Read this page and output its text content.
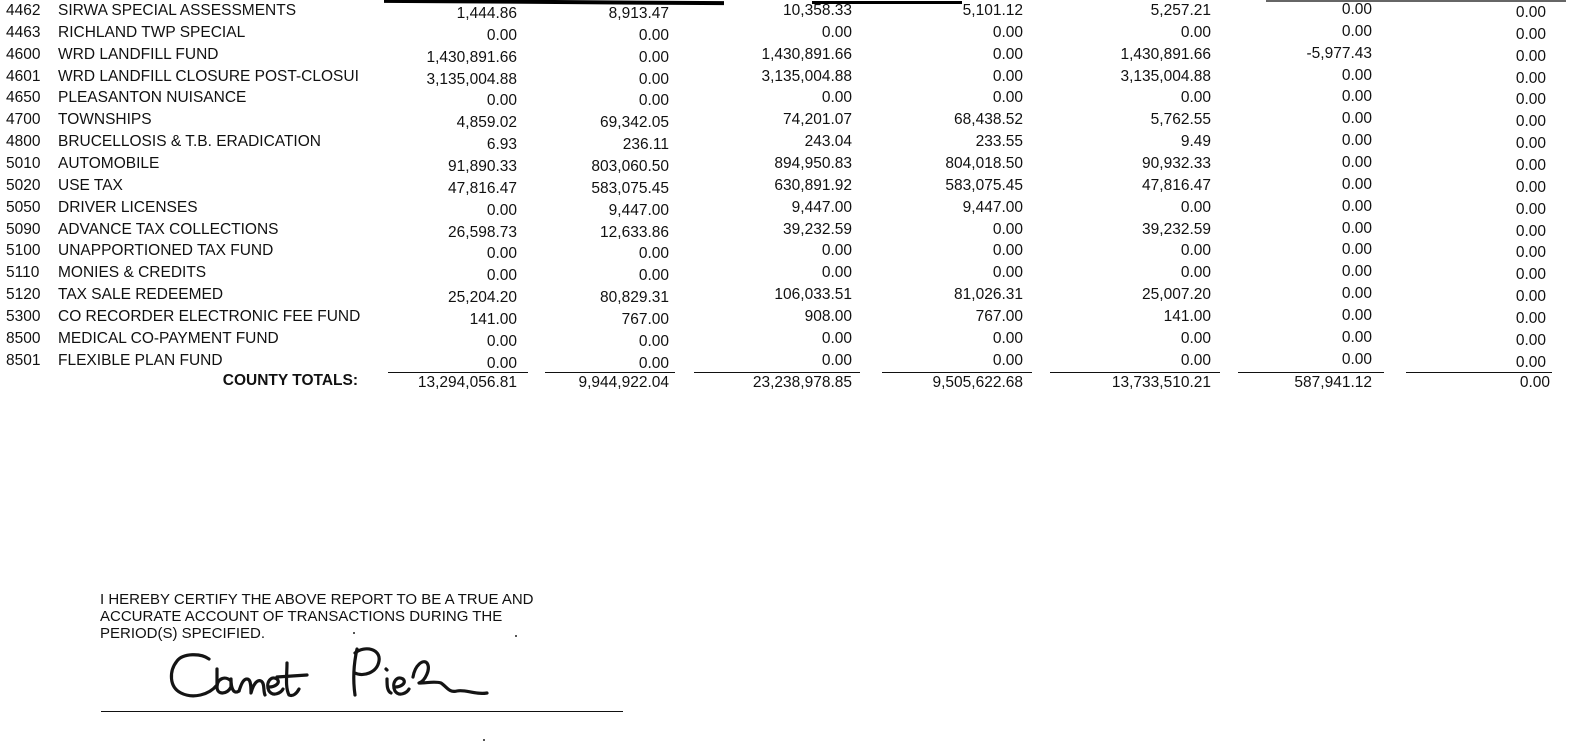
4462 SIRWA SPECIAL ASSESSMENTS	1,444.86	8,913.47	10,358.33	5,101.12	5,257.21	0.00	0.00
4463 RICHLAND TWP SPECIAL	0.00	0.00	0.00	0.00	0.00	0.00	0.00
4600 WRD LANDFILL FUND	1,430,891.66	0.00	1,430,891.66	0.00	1,430,891.66	-5,977.43	0.00
4601 WRD LANDFILL CLOSURE POST-CLOSUI	3,135,004.88	0.00	3,135,004.88	0.00	3,135,004.88	0.00	0.00
4650 PLEASANTON NUISANCE	0.00	0.00	0.00	0.00	0.00	0.00	0.00
4700 TOWNSHIPS	4,859.02	69,342.05	74,201.07	68,438.52	5,762.55	0.00	0.00
4800 BRUCELLOSIS & T.B. ERADICATION	6.93	236.11	243.04	233.55	9.49	0.00	0.00
5010 AUTOMOBILE	91,890.33	803,060.50	894,950.83	804,018.50	90,932.33	0.00	0.00
5020 USE TAX	47,816.47	583,075.45	630,891.92	583,075.45	47,816.47	0.00	0.00
5050 DRIVER LICENSES	0.00	9,447.00	9,447.00	9,447.00	0.00	0.00	0.00
5090 ADVANCE TAX COLLECTIONS	26,598.73	12,633.86	39,232.59	0.00	39,232.59	0.00	0.00
5100 UNAPPORTIONED TAX FUND	0.00	0.00	0.00	0.00	0.00	0.00	0.00
5110 MONIES & CREDITS	0.00	0.00	0.00	0.00	0.00	0.00	0.00
5120 TAX SALE REDEEMED	25,204.20	80,829.31	106,033.51	81,026.31	25,007.20	0.00	0.00
5300 CO RECORDER ELECTRONIC FEE FUND	141.00	767.00	908.00	767.00	141.00	0.00	0.00
8500 MEDICAL CO-PAYMENT FUND	0.00	0.00	0.00	0.00	0.00	0.00	0.00
8501 FLEXIBLE PLAN FUND	0.00	0.00	0.00	0.00	0.00	0.00	0.00
COUNTY TOTALS:	13,294,056.81	9,944,922.04	23,238,978.85	9,505,622.68	13,733,510.21	587,941.12	0.00
I HEREBY CERTIFY THE ABOVE REPORT TO BE A TRUE AND
ACCURATE ACCOUNT OF TRANSACTIONS DURING THE
PERIOD(S) SPECIFIED.
